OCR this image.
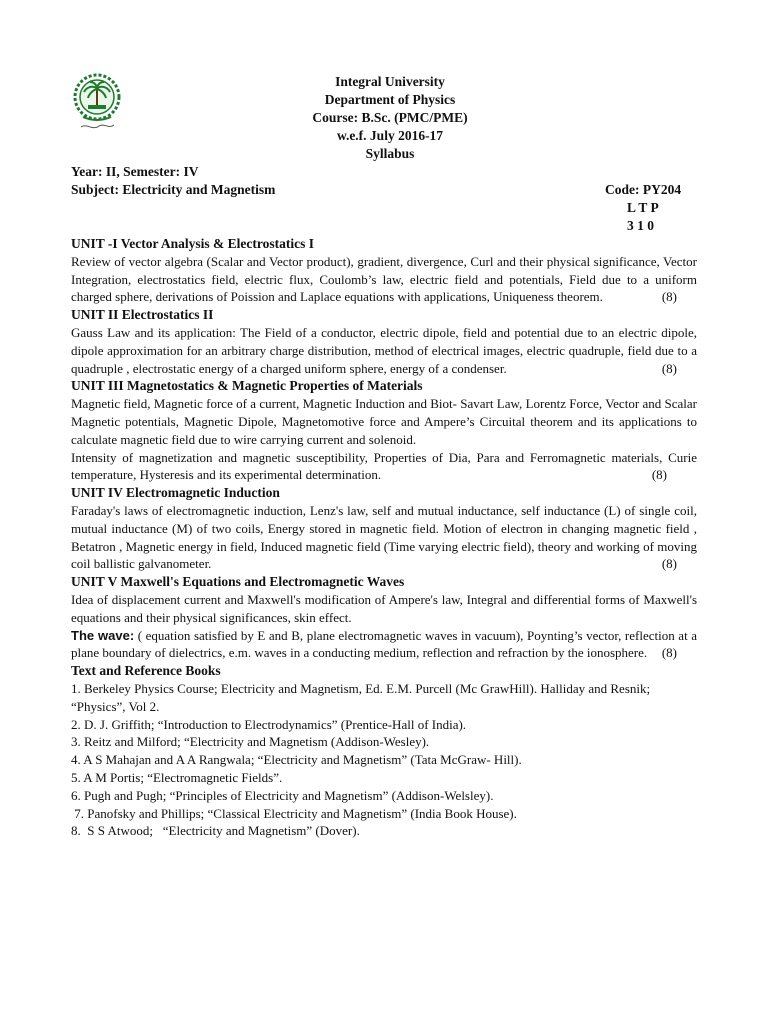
Integral University
Department of Physics
Course: B.Sc. (PMC/PME)
w.e.f. July 2016-17
Syllabus
Year: II, Semester: IV
Subject: Electricity and Magnetism	Code: PY204
L T P
3 1 0
UNIT -I Vector Analysis & Electrostatics I
Review of vector algebra (Scalar and Vector product), gradient, divergence, Curl and their physical significance, Vector Integration, electrostatics field, electric flux, Coulomb’s law, electric field and potentials, Field due to a uniform charged sphere, derivations of Poission and Laplace equations with applications, Uniqueness theorem.	(8)
UNIT II Electrostatics II
Gauss Law and its application: The Field of a conductor, electric dipole, field and potential due to an electric dipole, dipole approximation for an arbitrary charge distribution, method of electrical images, electric quadruple, field due to a quadruple , electrostatic energy of a charged uniform sphere, energy of a condenser.	(8)
UNIT III Magnetostatics & Magnetic Properties of Materials
Magnetic field, Magnetic force of a current, Magnetic Induction and Biot- Savart Law, Lorentz Force, Vector and Scalar Magnetic potentials, Magnetic Dipole, Magnetomotive force and Ampere’s Circuital theorem and its applications to calculate magnetic field due to wire carrying current and solenoid.
Intensity of magnetization and magnetic susceptibility, Properties of Dia, Para and Ferromagnetic materials, Curie temperature, Hysteresis and its experimental determination.	(8)
UNIT IV Electromagnetic Induction
Faraday's laws of electromagnetic induction, Lenz's law, self and mutual inductance, self inductance (L) of single coil, mutual inductance (M) of two coils, Energy stored in magnetic field. Motion of electron in changing magnetic field , Betatron , Magnetic energy in field, Induced magnetic field (Time varying electric field), theory and working of moving coil ballistic galvanometer.	(8)
UNIT V Maxwell's Equations and Electromagnetic Waves
Idea of displacement current and Maxwell's modification of Ampere's law, Integral and differential forms of Maxwell's equations and their physical significances, skin effect.
The wave: ( equation satisfied by E and B, plane electromagnetic waves in vacuum), Poynting’s vector, reflection at a plane boundary of dielectrics, e.m. waves in a conducting medium, reflection and refraction by the ionosphere. (8)
Text and Reference Books
1. Berkeley Physics Course; Electricity and Magnetism, Ed. E.M. Purcell (Mc GrawHill). Halliday and Resnik; “Physics”, Vol 2.
2. D. J. Griffith; “Introduction to Electrodynamics” (Prentice-Hall of India).
3. Reitz and Milford; “Electricity and Magnetism (Addison-Wesley).
4. A S Mahajan and A A Rangwala; “Electricity and Magnetism” (Tata McGraw- Hill).
5. A M Portis; “Electromagnetic Fields”.
6. Pugh and Pugh; “Principles of Electricity and Magnetism” (Addison-Welsley).
7. Panofsky and Phillips; “Classical Electricity and Magnetism” (India Book House).
8.  S S Atwood;   “Electricity and Magnetism” (Dover).
